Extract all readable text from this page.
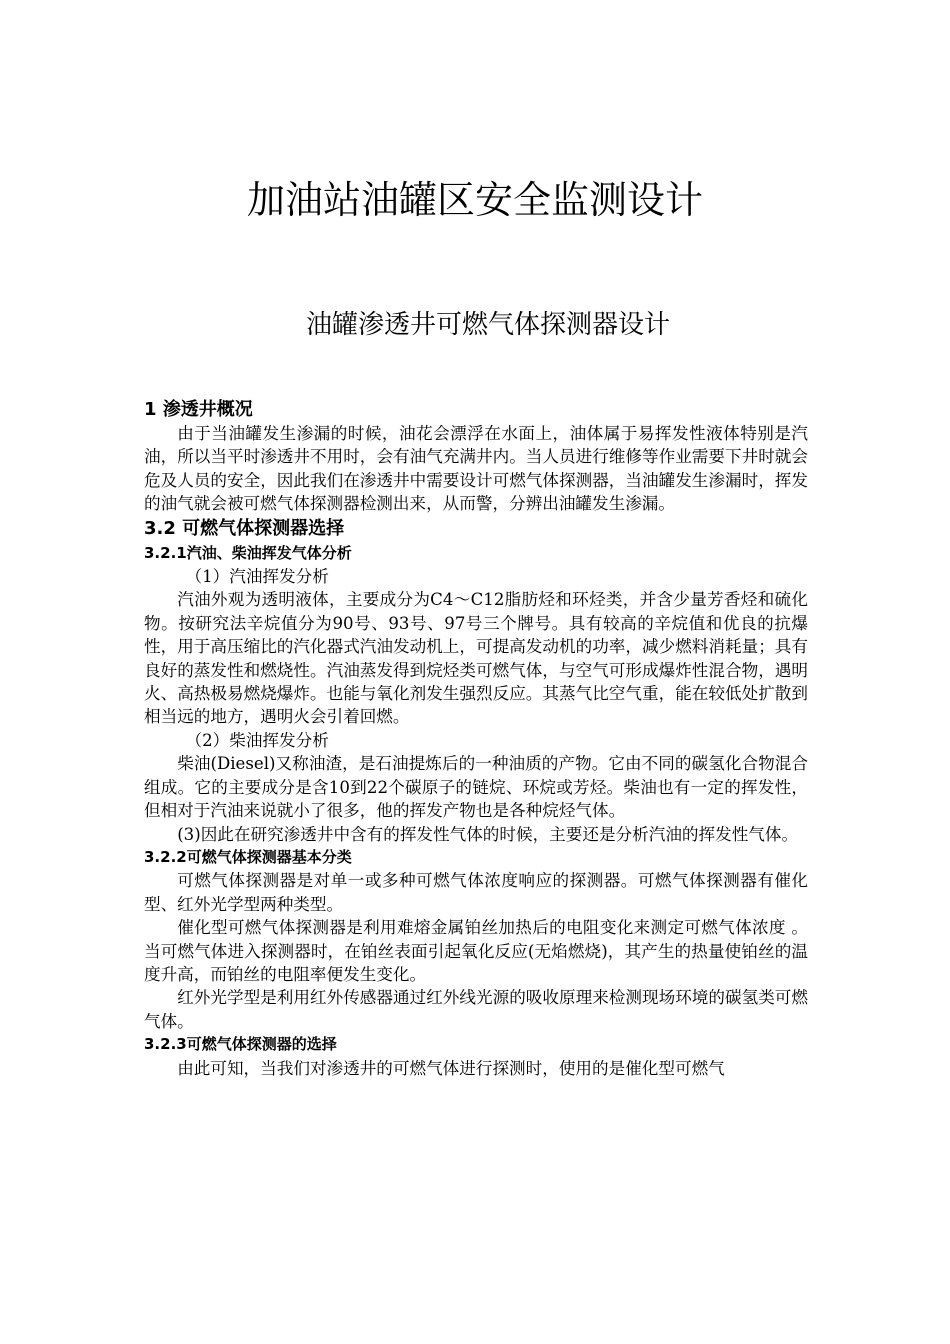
加油站油罐区安全监测设计
油罐渗透井可燃气体探测器设计

1 渗透井概况

由于当油罐发生渗漏的时候，油花会漂浮在水面上，油体属于易挥发性液体特别是汽油，所以当平时渗透井不用时，会有油气充满井内。当人员进行维修等作业需要下井时就会危及人员的安全，因此我们在渗透井中需要设计可燃气体探测器，当油罐发生渗漏时，挥发的油气就会被可燃气体探测器检测出来，从而警，分辨出油罐发生渗漏。

3.2 可燃气体探测器选择

3.2.1汽油、柴油挥发气体分析

（1）汽油挥发分析

汽油外观为透明液体，主要成分为C4～C12脂肪烃和环烃类，并含少量芳香烃和硫化物。按研究法辛烷值分为90号、93号、97号三个牌号。具有较高的辛烷值和优良的抗爆性，用于高压缩比的汽化器式汽油发动机上，可提高发动机的功率，减少燃料消耗量；具有良好的蒸发性和燃烧性。汽油蒸发得到烷烃类可燃气体，与空气可形成爆炸性混合物，遇明火、高热极易燃烧爆炸。也能与氧化剂发生强烈反应。其蒸气比空气重，能在较低处扩散到相当远的地方，遇明火会引着回燃。

（2）柴油挥发分析

柴油(Diesel)又称油渣，是石油提炼后的一种油质的产物。它由不同的碳氢化合物混合组成。它的主要成分是含10到22个碳原子的链烷、环烷或芳烃。柴油也有一定的挥发性，但相对于汽油来说就小了很多，他的挥发产物也是各种烷烃气体。

(3)因此在研究渗透井中含有的挥发性气体的时候，主要还是分析汽油的挥发性气体。

3.2.2可燃气体探测器基本分类

可燃气体探测器是对单一或多种可燃气体浓度响应的探测器。可燃气体探测器有催化型、红外光学型两种类型。

催化型可燃气体探测器是利用难熔金属铂丝加热后的电阻变化来测定可燃气体浓度 。当可燃气体进入探测器时，在铂丝表面引起氧化反应(无焰燃烧)，其产生的热量使铂丝的温度升高，而铂丝的电阻率便发生变化。

红外光学型是利用红外传感器通过红外线光源的吸收原理来检测现场环境的碳氢类可燃气体。

3.2.3可燃气体探测器的选择

由此可知，当我们对渗透井的可燃气体进行探测时，使用的是催化型可燃气
